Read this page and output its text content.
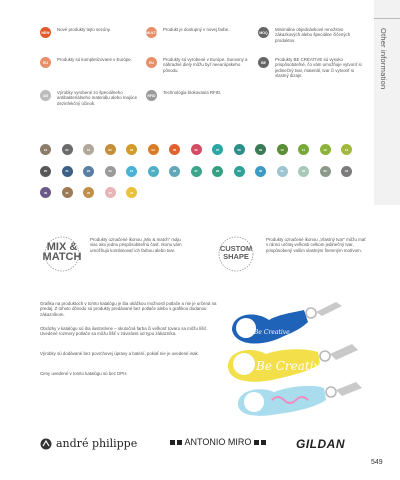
Other information
NEW
Nové produkty tejto sezóny.
MULTI
Produkt je dostupný v novej farbe.
MOQ
Minimálne objednávkové množstvo zákazkových alebo špeciálne čičených produktov.
EU
Produkty sú kompletizované v Európe.
EU
Produkty sú vyrobené v Európe. Suroviny a náhradné diely môžu byť neeurópskeho pôvodu.
BE
Produkty BE CREATIVE sú vysoko prispôsobiteľné, čo vám umožňuje vytvoriť si jedinečný tvar, materiál, tvar či vytvoriť si vlastný dizajn.
AB
Výrobky vyrobené zo špeciálneho antibakteriálneho materiálu alebo majúce dezinfekčný účinok.
RFID
Technológia blokovania RFID.
13	01	16	02	03	04	05	06	07	08	09	10	11	12	14
20	21	22	23	24	25	26	27	28	29	30	31	32	33	34
40	41	42	43	44
MIX &
MATCH
Produkty označené ikonou „Mix & match" máju viac ako jednu prispôsobiteľnú časť. Ikonu vám umožňujú kombinovať ich farbou alebo tvar.	CUSTOM
SHAPE
Produkty označené ikonou „Vlastný tvar" môžu mať v rámci určitej veľkosti celkom jedinečný tvar, prispôsobený vašim vlastným firemným motívom.
Grafika na produktoch v tomto katalógu je iba ukážkou možností potlače a nie je určená na predaj. Z tohoto dôvodu sú produkty predávané bez potlače alebo s grafikou dodanou zákazníkom.
Obrázky v katalógu sú iba ilustratívne – skutočná farba či veľkosť tovaru sa môžu líšiť. Uvedené rozmery potlače sa môžu líšiť v závislosti od typu zákazníka.
Výrobky sú dodávané bez povrchovej úpravy a batérií, pokiaľ nie je uvedené inak.
Ceny uvedené v tomto katalógu sú bez DPH.
Be Creative
Be Creative
andré philippe	ANTONIO MIRO	GILDAN
549
